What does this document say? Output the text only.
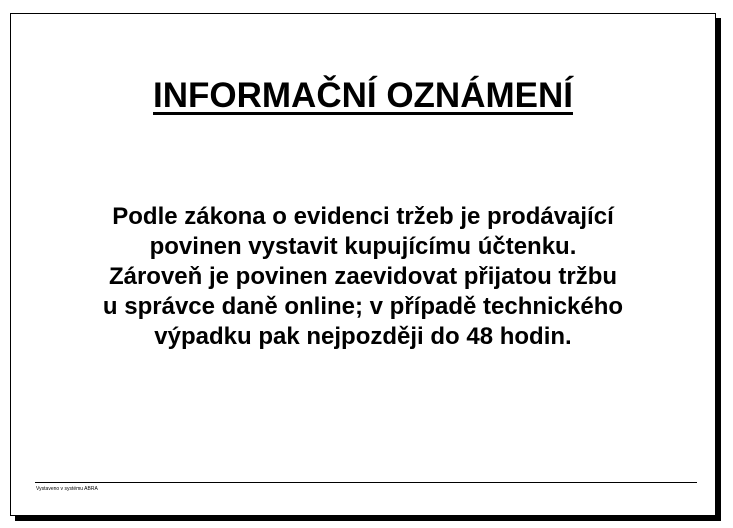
INFORMAČNÍ OZNÁMENÍ
Podle zákona o evidenci tržeb je prodávající
povinen vystavit kupujícímu účtenku.
Zároveň je povinen zaevidovat přijatou tržbu
u správce daně online; v případě technického
výpadku pak nejpozději do 48 hodin.
Vystaveno v systému ABRA
